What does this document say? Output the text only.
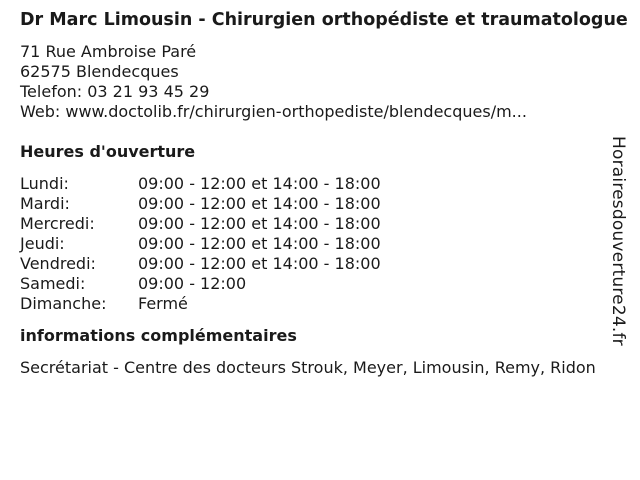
Dr Marc Limousin - Chirurgien orthopédiste et traumatologue
71 Rue Ambroise Paré
62575 Blendecques
Telefon: 03 21 93 45 29
Web: www.doctolib.fr/chirurgien-orthopediste/blendecques/m...
Heures d'ouverture
Lundi:	09:00 - 12:00 et 14:00 - 18:00
Mardi:	09:00 - 12:00 et 14:00 - 18:00
Mercredi:	09:00 - 12:00 et 14:00 - 18:00
Jeudi:	09:00 - 12:00 et 14:00 - 18:00
Vendredi:	09:00 - 12:00 et 14:00 - 18:00
Samedi:	09:00 - 12:00
Dimanche:	Fermé
informations complémentaires
Secrétariat - Centre des docteurs Strouk, Meyer, Limousin, Remy, Ridon
Horairesdouverture24.fr
